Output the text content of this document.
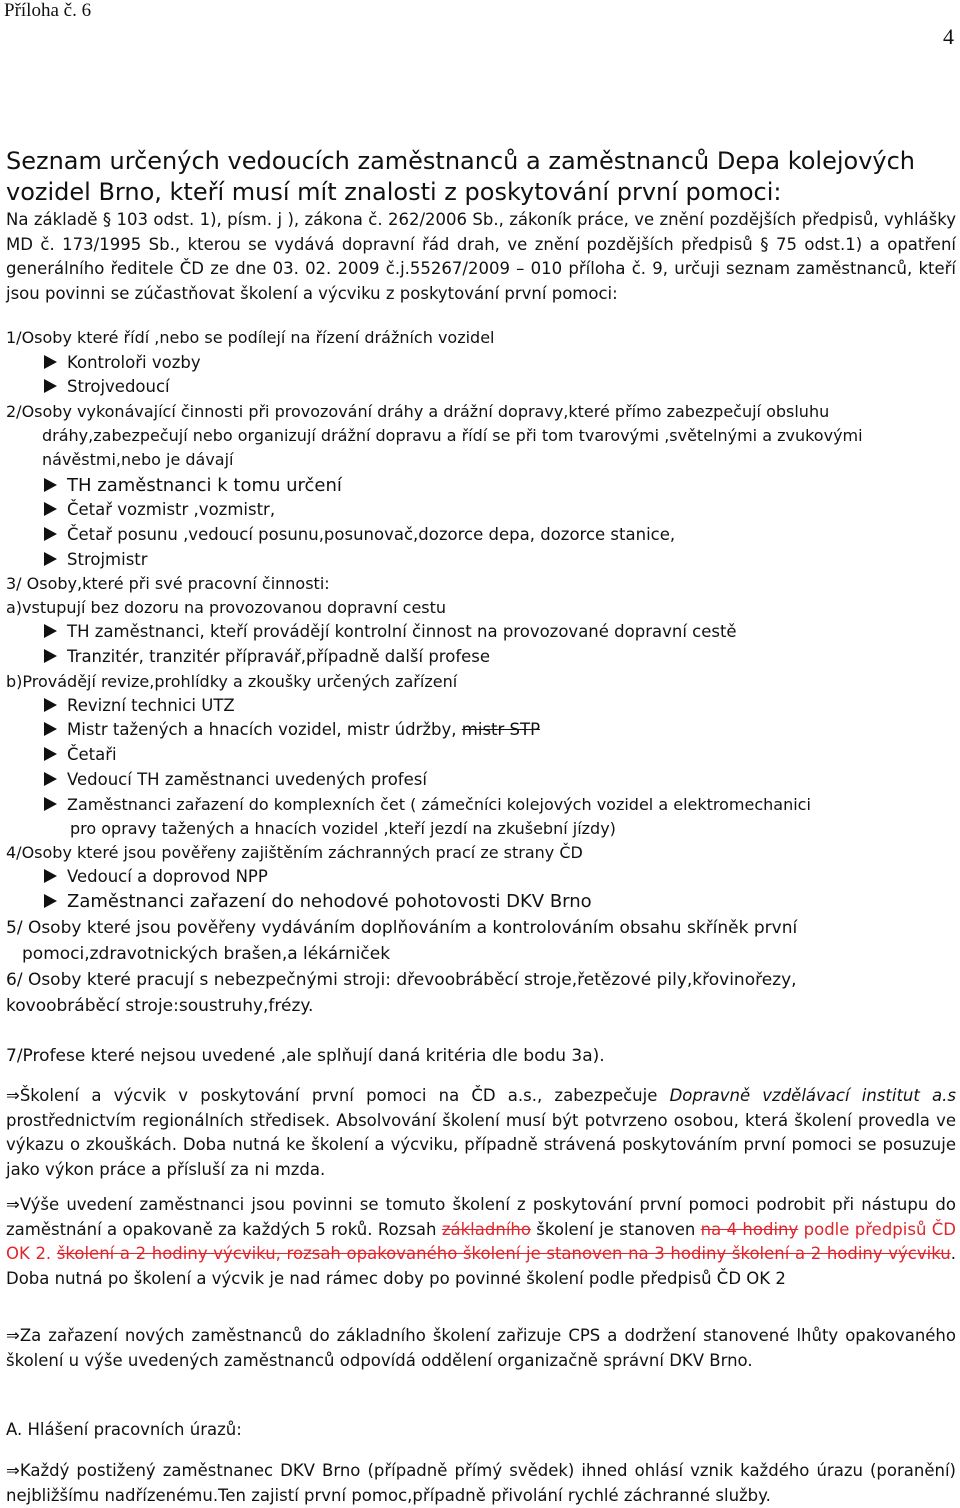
Příloha č. 6
4
Seznam určených vedoucích zaměstnanců a zaměstnanců Depa kolejových vozidel Brno, kteří musí mít znalosti z poskytování první pomoci:
Na základě § 103 odst. 1), písm. j ), zákona č. 262/2006 Sb., zákoník práce, ve znění pozdějších předpisů, vyhlášky MD č. 173/1995 Sb., kterou se vydává dopravní řád drah, ve znění pozdějších předpisů § 75 odst.1) a opatření generálního ředitele ČD ze dne 03. 02. 2009 č.j.55267/2009 – 010 příloha č. 9, určuji seznam zaměstnanců, kteří jsou povinni se zúčastňovat školení a výcviku z poskytování první pomoci:
1/Osoby které řídí ,nebo se podílejí na řízení drážních vozidel
Kontroloři vozby
Strojvedoucí
2/Osoby vykonávající činnosti při provozování dráhy a drážní dopravy,které přímo zabezpečují obsluhu
dráhy,zabezpečují nebo organizují drážní dopravu a řídí se při tom tvarovými ,světelnými a zvukovými
návěstmi,nebo je dávají
TH zaměstnanci k tomu určení
Četař vozmistr ,vozmistr,
Četař posunu ,vedoucí posunu,posunovač,dozorce depa, dozorce stanice,
Strojmistr
3/ Osoby,které při své pracovní činnosti:
a)vstupují bez dozoru na provozovanou dopravní cestu
TH zaměstnanci, kteří provádějí kontrolní činnost na provozované dopravní cestě
Tranzitér, tranzitér přípravář,případně další profese
b)Provádějí revize,prohlídky a zkoušky určených zařízení
Revizní technici UTZ
Mistr tažených a hnacích vozidel, mistr údržby, mistr STP
Četaři
Vedoucí TH zaměstnanci uvedených profesí
Zaměstnanci zařazení do komplexních čet ( zámečníci kolejových vozidel a elektromechanici
pro opravy tažených a hnacích vozidel ,kteří jezdí na zkušební jízdy)
4/Osoby které jsou pověřeny zajištěním záchranných prací ze strany ČD
Vedoucí a doprovod NPP
Zaměstnanci zařazení do nehodové pohotovosti DKV Brno
5/ Osoby které jsou pověřeny vydáváním doplňováním a kontrolováním obsahu skříněk první
pomoci,zdravotnických brašen,a lékárniček
6/ Osoby které pracují s nebezpečnými stroji: dřevoobráběcí stroje,řetězové pily,křovinořezy,
kovoobráběcí stroje:soustruhy,frézy.
7/Profese které nejsou uvedené ,ale splňují daná kritéria dle bodu 3a).
⇒Školení a výcvik v poskytování první pomoci na ČD a.s., zabezpečuje Dopravně vzdělávací institut a.s prostřednictvím regionálních středisek. Absolvování školení musí být potvrzeno osobou, která školení provedla ve výkazu o zkouškách. Doba nutná ke školení a výcviku, případně strávená poskytováním první pomoci se posuzuje jako výkon práce a přísluší za ni mzda.
⇒Výše uvedení zaměstnanci jsou povinni se tomuto školení z poskytování první pomoci podrobit při nástupu do zaměstnání a opakovaně za každých 5 roků. Rozsah základního školení je stanoven na 4 hodiny podle předpisů ČD OK 2. školení a 2 hodiny výcviku, rozsah opakovaného školení je stanoven na 3 hodiny školení a 2 hodiny výcviku. Doba nutná po školení a výcvik je nad rámec doby po povinné školení podle předpisů ČD OK 2
⇒Za zařazení nových zaměstnanců do základního školení zařizuje CPS a dodržení stanovené lhůty opakovaného školení u výše uvedených zaměstnanců odpovídá oddělení organizačně správní DKV Brno.
A. Hlášení pracovních úrazů:
⇒Každý postižený zaměstnanec DKV Brno (případně přímý svědek) ihned ohlásí vznik každého úrazu (poranění) nejbližšímu nadřízenému.Ten zajistí první pomoc,případně přivolání rychlé záchranné služby.
